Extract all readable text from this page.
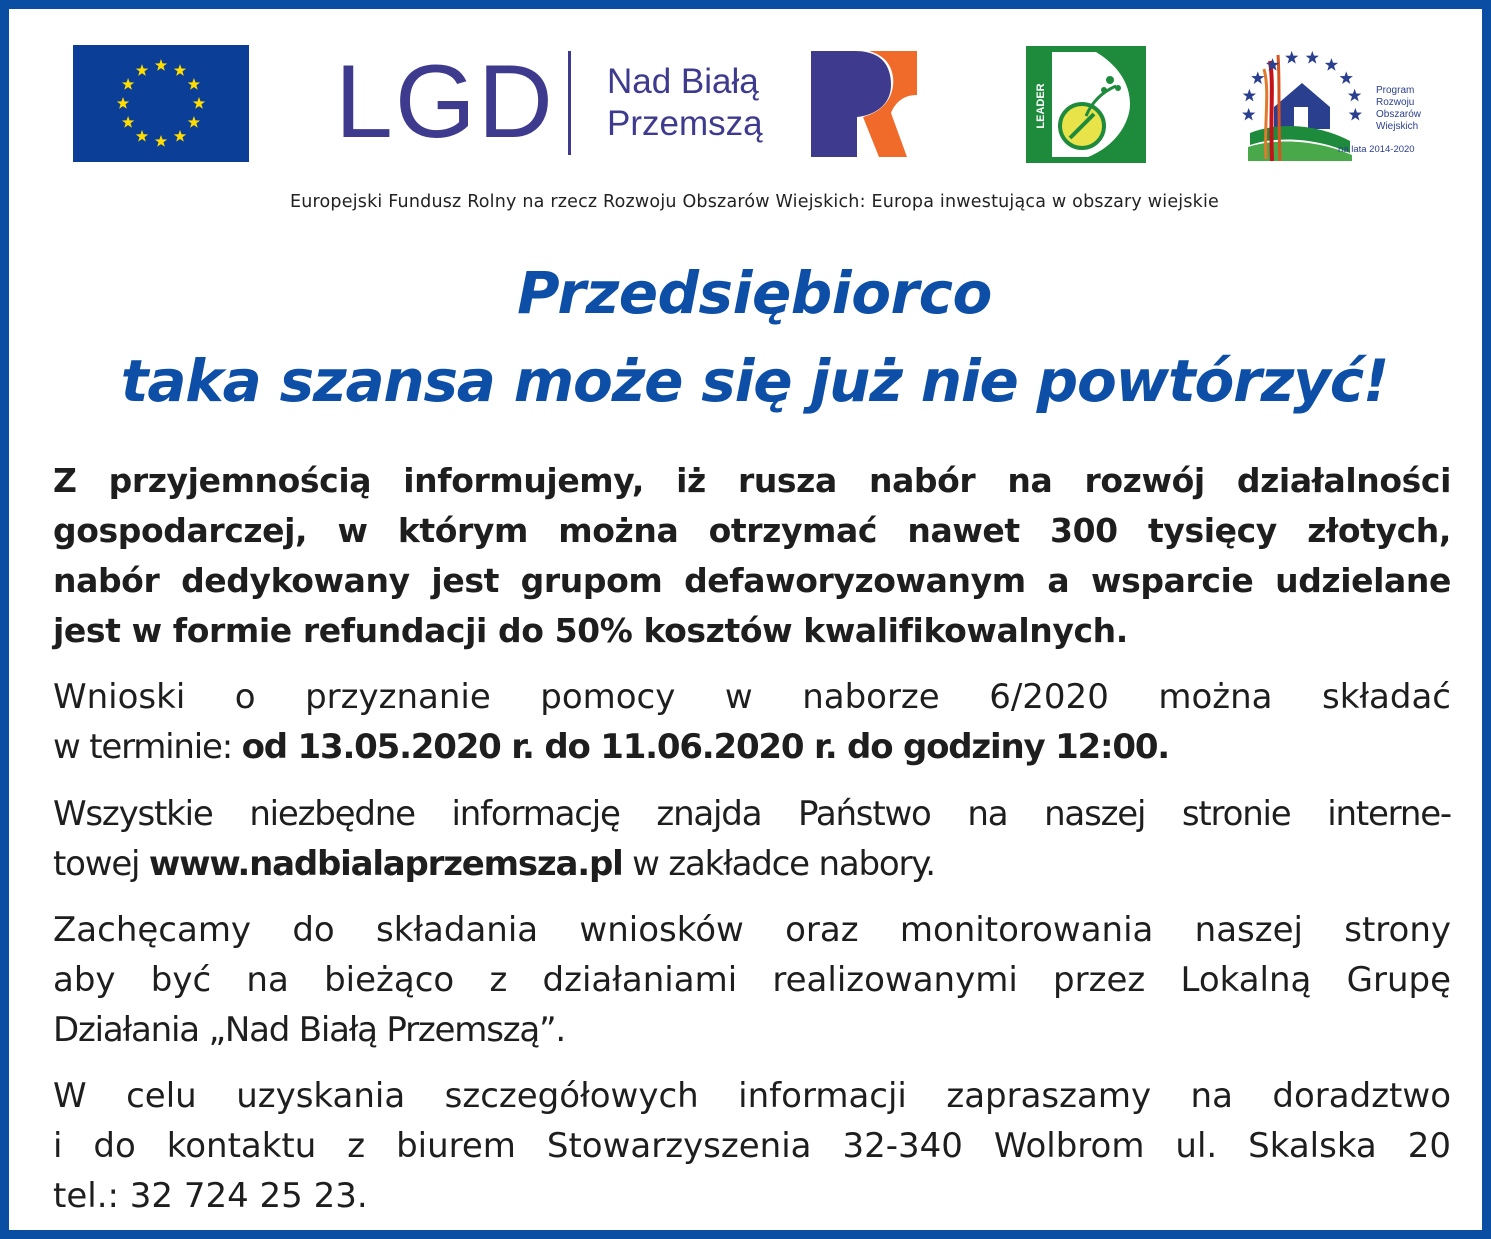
LGD Nad Białą
Przemszą	LEADER	Program
Rozwoju
Obszarów
Wiejskich
na lata 2014-2020
Europejski Fundusz Rolny na rzecz Rozwoju Obszarów Wiejskich: Europa inwestująca w obszary wiejskie
Przedsiębiorco
taka szansa może się już nie powtórzyć!
Z przyjemnością informujemy, iż rusza nabór na rozwój działalności
gospodarczej, w którym można otrzymać nawet 300 tysięcy złotych,
nabór dedykowany jest grupom defaworyzowanym a wsparcie udzielane
jest w formie refundacji do 50% kosztów kwalifikowalnych.
Wnioski o przyznanie pomocy w naborze 6/2020 można składać
w terminie: od 13.05.2020 r. do 11.06.2020 r. do godziny 12:00.
Wszystkie niezbędne informację znajda Państwo na naszej stronie interne-
towej www.nadbialaprzemsza.pl w zakładce nabory.
Zachęcamy do składania wniosków oraz monitorowania naszej strony
aby być na bieżąco z działaniami realizowanymi przez Lokalną Grupę
Działania „Nad Białą Przemszą”.
W celu uzyskania szczegółowych informacji zapraszamy na doradztwo
i do kontaktu z biurem Stowarzyszenia 32-340 Wolbrom ul. Skalska 20
tel.: 32 724 25 23.
